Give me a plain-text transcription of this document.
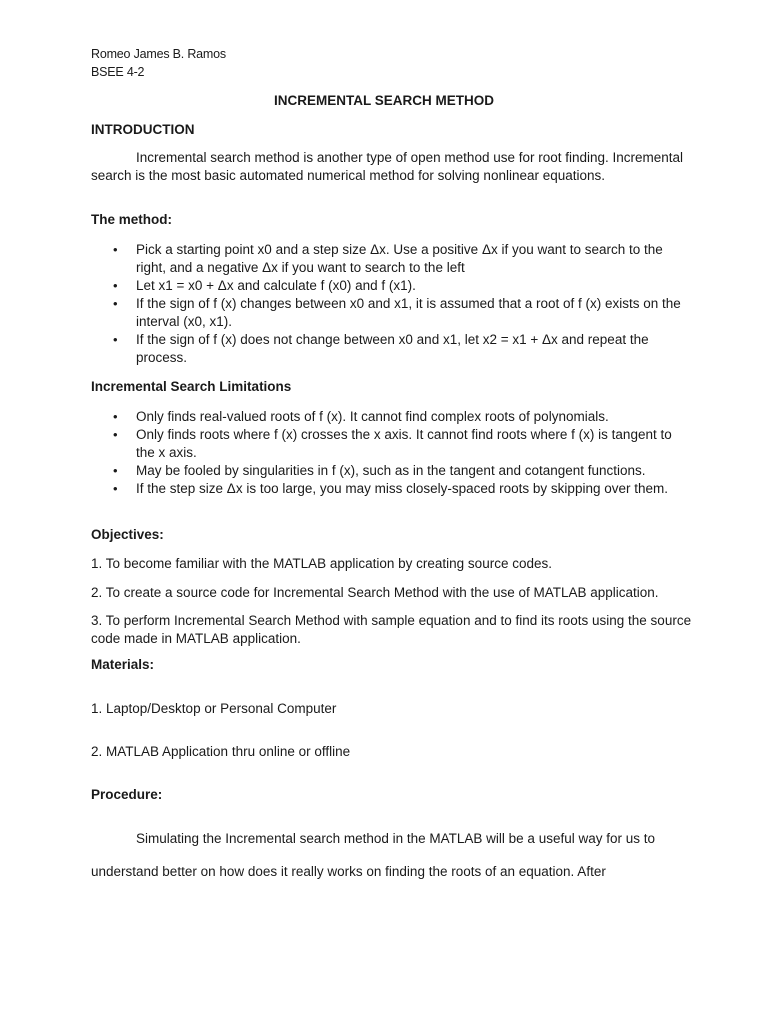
Romeo James B. Ramos
BSEE 4-2
INCREMENTAL SEARCH METHOD
INTRODUCTION
Incremental search method is another type of open method use for root finding. Incremental search is the most basic automated numerical method for solving nonlinear equations.
The method:
• Pick a starting point x0 and a step size Δx. Use a positive Δx if you want to search to the right, and a negative Δx if you want to search to the left
• Let x1 = x0 + Δx and calculate f (x0) and f (x1).
• If the sign of f (x) changes between x0 and x1, it is assumed that a root of f (x) exists on the interval (x0, x1).
• If the sign of f (x) does not change between x0 and x1, let x2 = x1 + Δx and repeat the process.
Incremental Search Limitations
• Only finds real-valued roots of f (x). It cannot find complex roots of polynomials.
• Only finds roots where f (x) crosses the x axis. It cannot find roots where f (x) is tangent to the x axis.
• May be fooled by singularities in f (x), such as in the tangent and cotangent functions.
• If the step size Δx is too large, you may miss closely-spaced roots by skipping over them.
Objectives:
1. To become familiar with the MATLAB application by creating source codes.
2. To create a source code for Incremental Search Method with the use of MATLAB application.
3. To perform Incremental Search Method with sample equation and to find its roots using the source code made in MATLAB application.
Materials:
1. Laptop/Desktop or Personal Computer
2. MATLAB Application thru online or offline
Procedure:
Simulating the Incremental search method in the MATLAB will be a useful way for us to understand better on how does it really works on finding the roots of an equation. After
